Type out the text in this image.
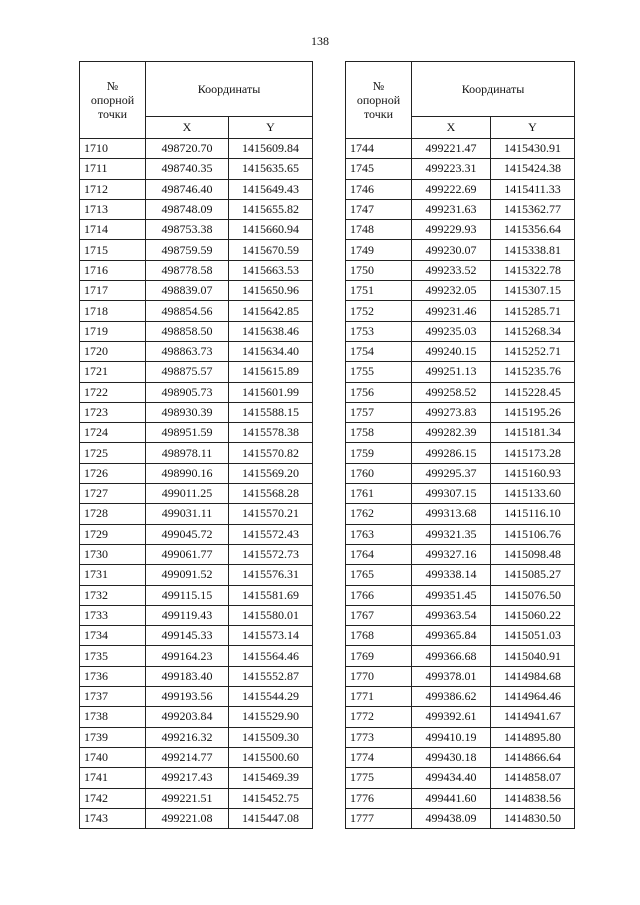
138
№
опорной
точки	Координаты	
	X	Y
1710	498720.70	1415609.84
1711	498740.35	1415635.65
1712	498746.40	1415649.43
1713	498748.09	1415655.82
1714	498753.38	1415660.94
1715	498759.59	1415670.59
1716	498778.58	1415663.53
1717	498839.07	1415650.96
1718	498854.56	1415642.85
1719	498858.50	1415638.46
1720	498863.73	1415634.40
1721	498875.57	1415615.89
1722	498905.73	1415601.99
1723	498930.39	1415588.15
1724	498951.59	1415578.38
1725	498978.11	1415570.82
1726	498990.16	1415569.20
1727	499011.25	1415568.28
1728	499031.11	1415570.21
1729	499045.72	1415572.43
1730	499061.77	1415572.73
1731	499091.52	1415576.31
1732	499115.15	1415581.69
1733	499119.43	1415580.01
1734	499145.33	1415573.14
1735	499164.23	1415564.46
1736	499183.40	1415552.87
1737	499193.56	1415544.29
1738	499203.84	1415529.90
1739	499216.32	1415509.30
1740	499214.77	1415500.60
1741	499217.43	1415469.39
1742	499221.51	1415452.75
1743	499221.08	1415447.08
№
опорной
точки	Координаты	
	X	Y
1744	499221.47	1415430.91
1745	499223.31	1415424.38
1746	499222.69	1415411.33
1747	499231.63	1415362.77
1748	499229.93	1415356.64
1749	499230.07	1415338.81
1750	499233.52	1415322.78
1751	499232.05	1415307.15
1752	499231.46	1415285.71
1753	499235.03	1415268.34
1754	499240.15	1415252.71
1755	499251.13	1415235.76
1756	499258.52	1415228.45
1757	499273.83	1415195.26
1758	499282.39	1415181.34
1759	499286.15	1415173.28
1760	499295.37	1415160.93
1761	499307.15	1415133.60
1762	499313.68	1415116.10
1763	499321.35	1415106.76
1764	499327.16	1415098.48
1765	499338.14	1415085.27
1766	499351.45	1415076.50
1767	499363.54	1415060.22
1768	499365.84	1415051.03
1769	499366.68	1415040.91
1770	499378.01	1414984.68
1771	499386.62	1414964.46
1772	499392.61	1414941.67
1773	499410.19	1414895.80
1774	499430.18	1414866.64
1775	499434.40	1414858.07
1776	499441.60	1414838.56
1777	499438.09	1414830.50
